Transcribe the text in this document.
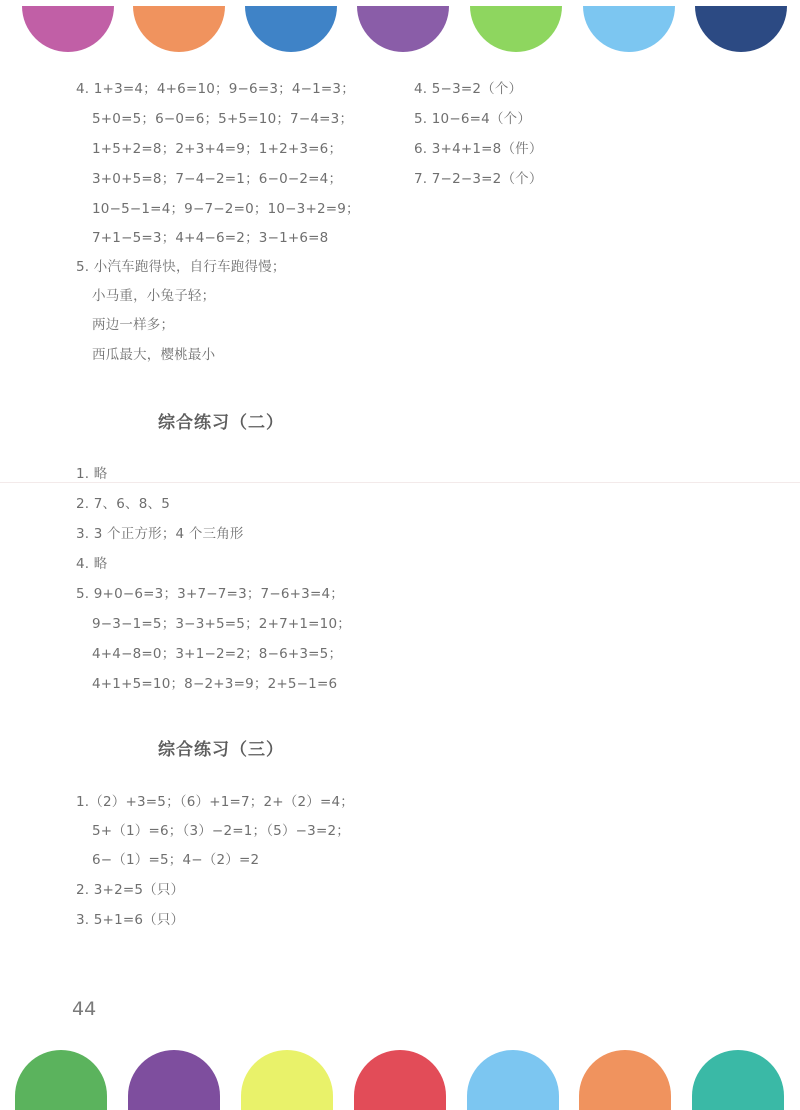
4. 1+3=4；4+6=10；9−6=3；4−1=3；
5+0=5；6−0=6；5+5=10；7−4=3；
1+5+2=8；2+3+4=9；1+2+3=6；
3+0+5=8；7−4−2=1；6−0−2=4；
10−5−1=4；9−7−2=0；10−3+2=9；
7+1−5=3；4+4−6=2；3−1+6=8
5. 小汽车跑得快，自行车跑得慢；
小马重，小兔子轻；
两边一样多；
西瓜最大，樱桃最小
4. 5−3=2（个）
5. 10−6=4（个）
6. 3+4+1=8（件）
7. 7−2−3=2（个）
综合练习（二）
1. 略
2. 7、6、8、5
3. 3 个正方形；4 个三角形
4. 略
5. 9+0−6=3；3+7−7=3；7−6+3=4；
9−3−1=5；3−3+5=5；2+7+1=10；
4+4−8=0；3+1−2=2；8−6+3=5；
4+1+5=10；8−2+3=9；2+5−1=6
综合练习（三）
1.（2）+3=5；（6）+1=7；2+（2）=4；
5+（1）=6；（3）−2=1；（5）−3=2；
6−（1）=5；4−（2）=2
2. 3+2=5（只）
3. 5+1=6（只）
44
